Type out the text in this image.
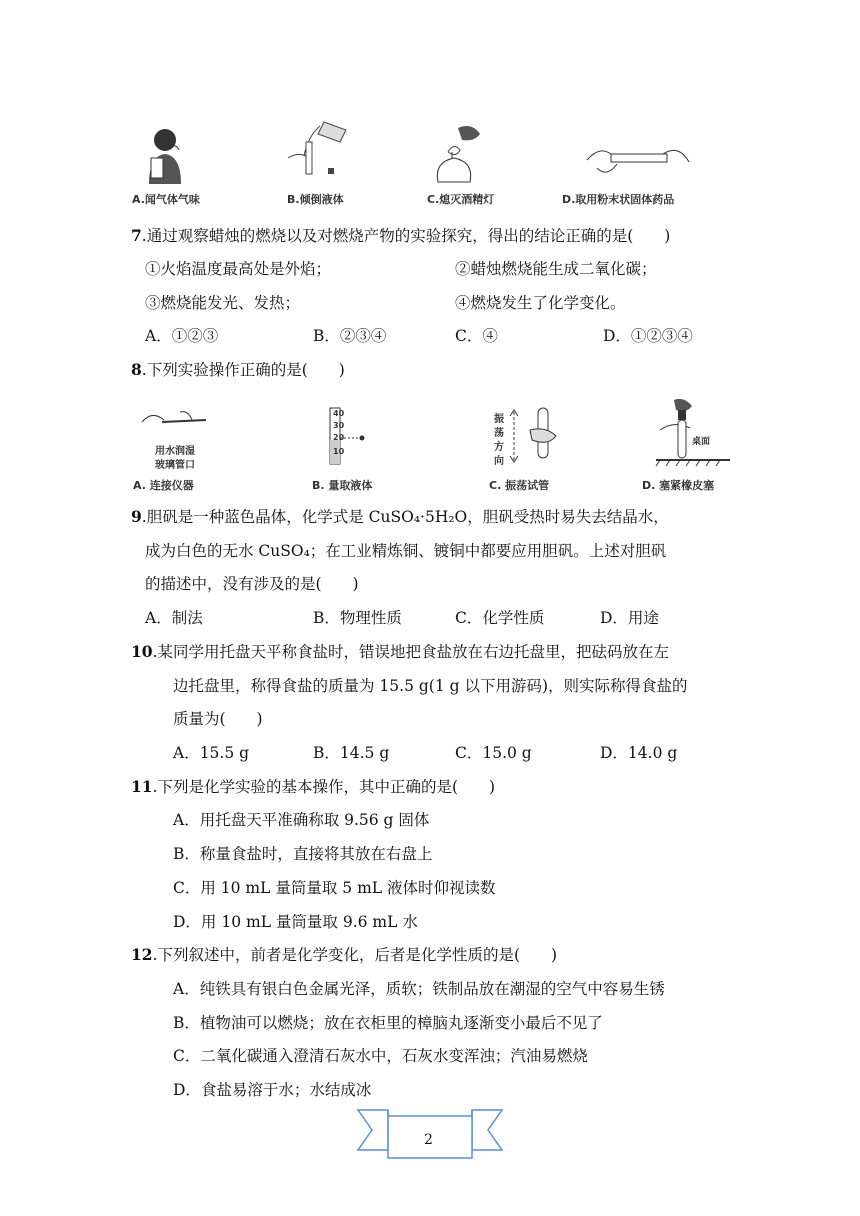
A.闻气体气味	B.倾倒液体	C.熄灭酒精灯	D.取用粉末状固体药品
7.通过观察蜡烛的燃烧以及对燃烧产物的实验探究，得出的结论正确的是(　　)
①火焰温度最高处是外焰；	②蜡烛燃烧能生成二氧化碳；
③燃烧能发光、发热；	④燃烧发生了化学变化。
A．①②③	B．②③④	C．④	D．①②③④
8.下列实验操作正确的是(　　)
用水润湿
玻璃管口
A. 连接仪器
40
30
20
10
B. 量取液体
振
荡
方
向
C. 振荡试管
桌面
D. 塞紧橡皮塞
9.胆矾是一种蓝色晶体，化学式是 CuSO₄·5H₂O，胆矾受热时易失去结晶水，
成为白色的无水 CuSO₄；在工业精炼铜、镀铜中都要应用胆矾。上述对胆矾
的描述中，没有涉及的是(　　)
A．制法	B．物理性质	C．化学性质	D．用途
10.某同学用托盘天平称食盐时，错误地把食盐放在右边托盘里，把砝码放在左
边托盘里，称得食盐的质量为 15.5 g(1 g 以下用游码)，则实际称得食盐的
质量为(　　)
A．15.5 g	B．14.5 g	C．15.0 g	D．14.0 g
11.下列是化学实验的基本操作，其中正确的是(　　)
A．用托盘天平准确称取 9.56 g 固体
B．称量食盐时，直接将其放在右盘上
C．用 10 mL 量筒量取 5 mL 液体时仰视读数
D．用 10 mL 量筒量取 9.6 mL 水
12.下列叙述中，前者是化学变化，后者是化学性质的是(　　)
A．纯铁具有银白色金属光泽，质软；铁制品放在潮湿的空气中容易生锈
B．植物油可以燃烧；放在衣柜里的樟脑丸逐渐变小最后不见了
C．二氧化碳通入澄清石灰水中，石灰水变浑浊；汽油易燃烧
D．食盐易溶于水；水结成冰
2
